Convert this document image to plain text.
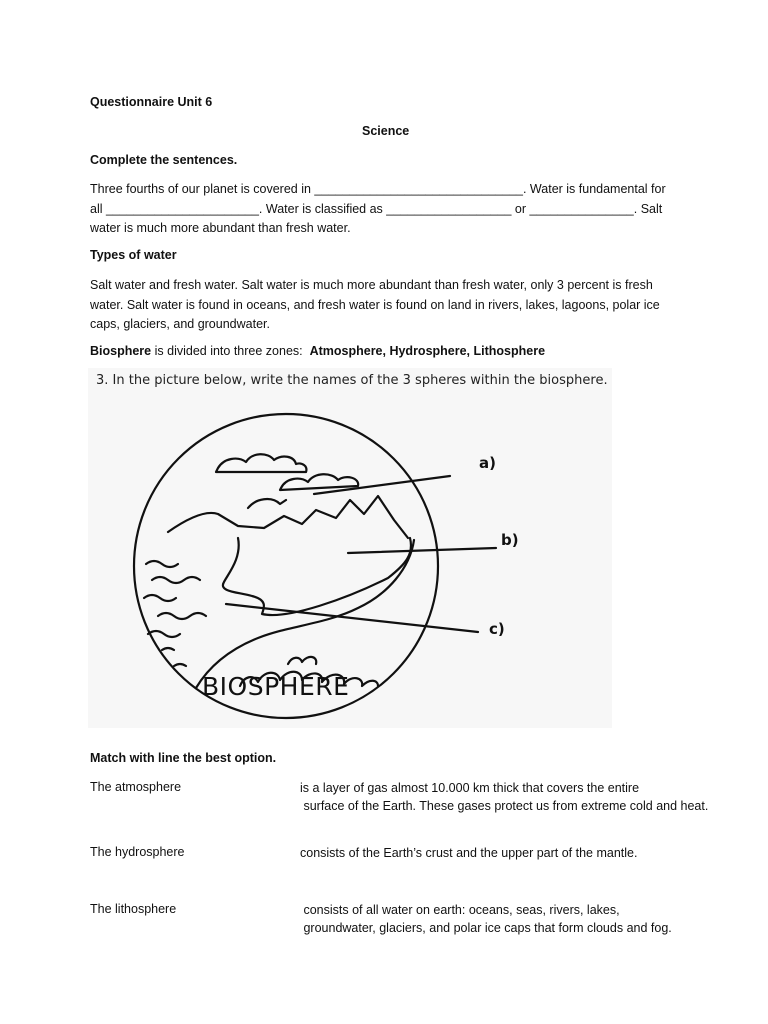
Questionnaire Unit 6
Science
Complete the sentences.
Three fourths of our planet is covered in ______________________________. Water is fundamental for
all ______________________. Water is classified as __________________ or _______________. Salt
water is much more abundant than fresh water.
Types of water
Salt water and fresh water. Salt water is much more abundant than fresh water, only 3 percent is fresh
water. Salt water is found in oceans, and fresh water is found on land in rivers, lakes, lagoons, polar ice
caps, glaciers, and groundwater.
Biosphere is divided into three zones:  Atmosphere, Hydrosphere, Lithosphere
3. In the picture below, write the names of the 3 spheres within the biosphere.
a)
b)
c)
BIOSPHERE
Match with line the best option.
The atmosphere	is a layer of gas almost 10.000 km thick that covers the entire
surface of the Earth. These gases protect us from extreme cold and heat.
The hydrosphere	consists of the Earth’s crust and the upper part of the mantle.
The lithosphere	consists of all water on earth: oceans, seas, rivers, lakes,
groundwater, glaciers, and polar ice caps that form clouds and fog.
